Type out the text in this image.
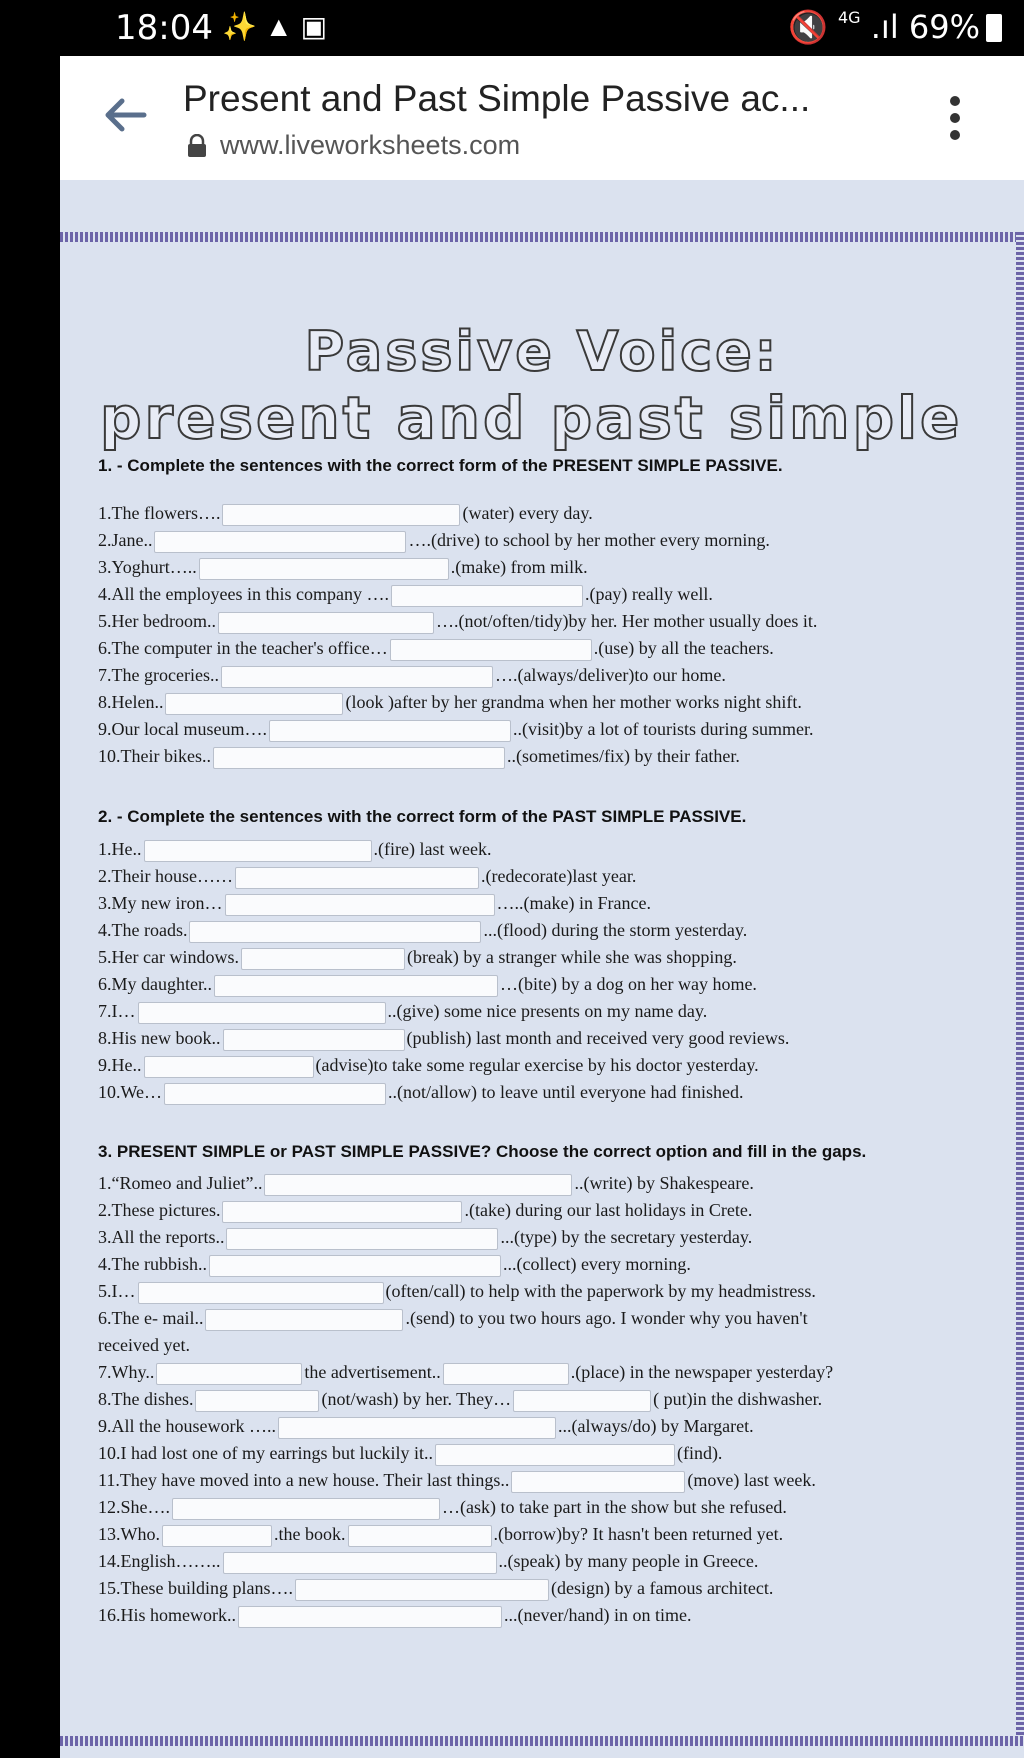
18:04 ✨▲▣	🔇 $^{4G}$ .ıl 69%
Present and Past Simple Passive ac...
www.liveworksheets.com
Passive Voice:
present and past simple
1. - Complete the sentences with the correct form of the PRESENT SIMPLE PASSIVE.
1.The flowers….	(water) every day.
2.Jane..	….(drive) to school by her mother every morning.
3.Yoghurt…..	.(make) from milk.
4.All the employees in this company ….	.(pay) really well.
5.Her bedroom..	….(not/often/tidy)by her. Her mother usually does it.
6.The computer in the teacher's office…	.(use) by all the teachers.
7.The groceries..	….(always/deliver)to our home.
8.Helen..	(look )after by her grandma when her mother works night shift.
9.Our local museum….	..(visit)by a lot of tourists during summer.
10.Their bikes..	..(sometimes/fix) by their father.
2. - Complete the sentences with the correct form of the PAST SIMPLE PASSIVE.
1.He..	.(fire) last week.
2.Their house……	.(redecorate)last year.
3.My new iron…	…..(make) in France.
4.The roads.	...(flood) during the storm yesterday.
5.Her car windows.	(break) by a stranger while she was shopping.
6.My daughter..	…(bite) by a dog on her way home.
7.I…	..(give) some nice presents on my name day.
8.His new book..	(publish) last month and received very good reviews.
9.He..	(advise)to take some regular exercise by his doctor yesterday.
10.We…	..(not/allow) to leave until everyone had finished.
3. PRESENT SIMPLE or PAST SIMPLE PASSIVE? Choose the correct option and fill in the gaps.
1.“Romeo and Juliet”..	..(write) by Shakespeare.
2.These pictures.	.(take) during our last holidays in Crete.
3.All the reports..	...(type) by the secretary yesterday.
4.The rubbish..	...(collect) every morning.
5.I…	(often/call) to help with the paperwork by my headmistress.
6.The e- mail..	.(send) to you two hours ago. I wonder why you haven't
received yet.
7.Why..	the advertisement..	.(place) in the newspaper yesterday?
8.The dishes.	(not/wash) by her. They…	( put)in the dishwasher.
9.All the housework …..	...(always/do) by Margaret.
10.I had lost one of my earrings but luckily it..	(find).
11.They have moved into a new house. Their last things..	(move) last week.
12.She….	…(ask) to take part in the show but she refused.
13.Who.	.the book.	.(borrow)by? It hasn't been returned yet.
14.English……..	..(speak) by many people in Greece.
15.These building plans….	(design) by a famous architect.
16.His homework..	...(never/hand) in on time.
